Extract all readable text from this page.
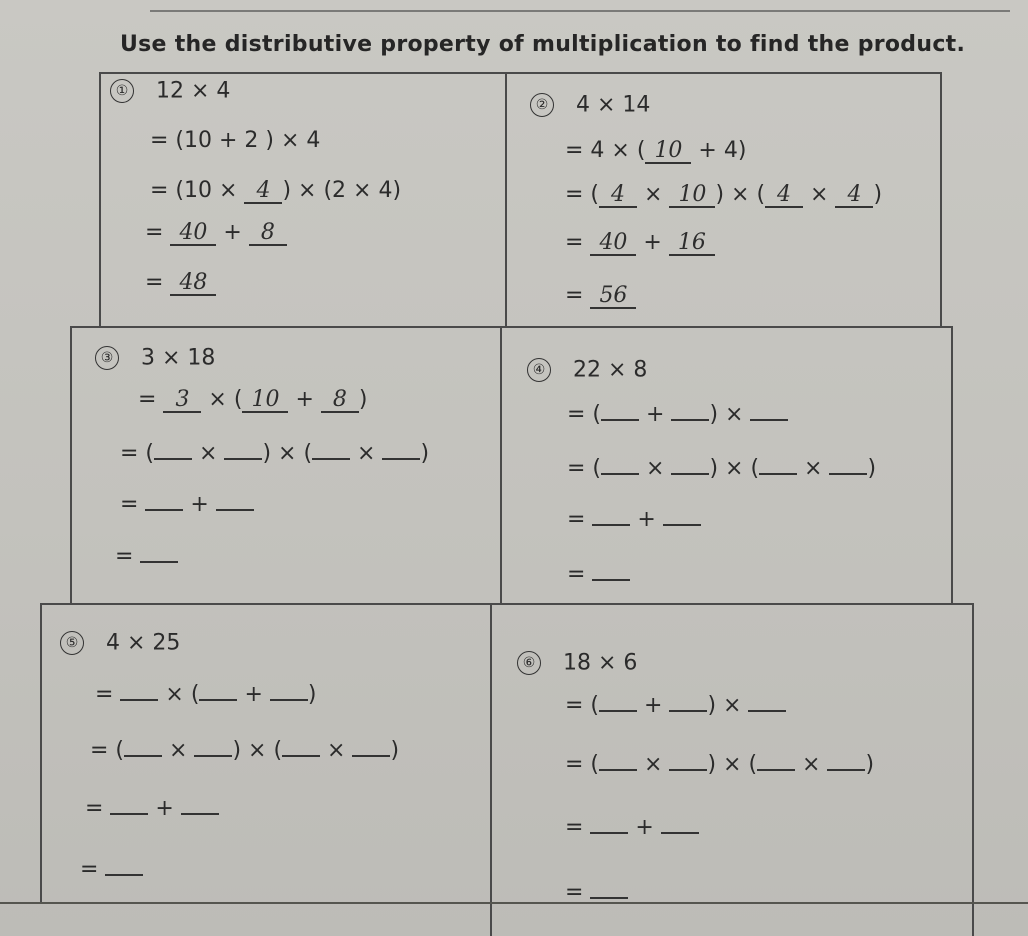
Use the distributive property of multiplication to find the product.
① 12 × 4
= (10 + 2 ) × 4
= (10 × 4 ) × (2 × 4)
= 40 + 8
= 48
② 4 × 14
= 4 × ( 10 + 4)
= ( 4 × 10 ) × ( 4 × 4 )
= 40 + 16
= 56
③ 3 × 18
= 3 × ( 10 + 8 )
= ( × ) × ( × )
=  +
=
④ 22 × 8
= ( + ) ×
= ( × ) × ( × )
=  +
=
⑤ 4 × 25
=  × ( + )
= ( × ) × ( × )
=  +
=
⑥ 18 × 6
= ( + ) ×
= ( × ) × ( × )
=  +
=
